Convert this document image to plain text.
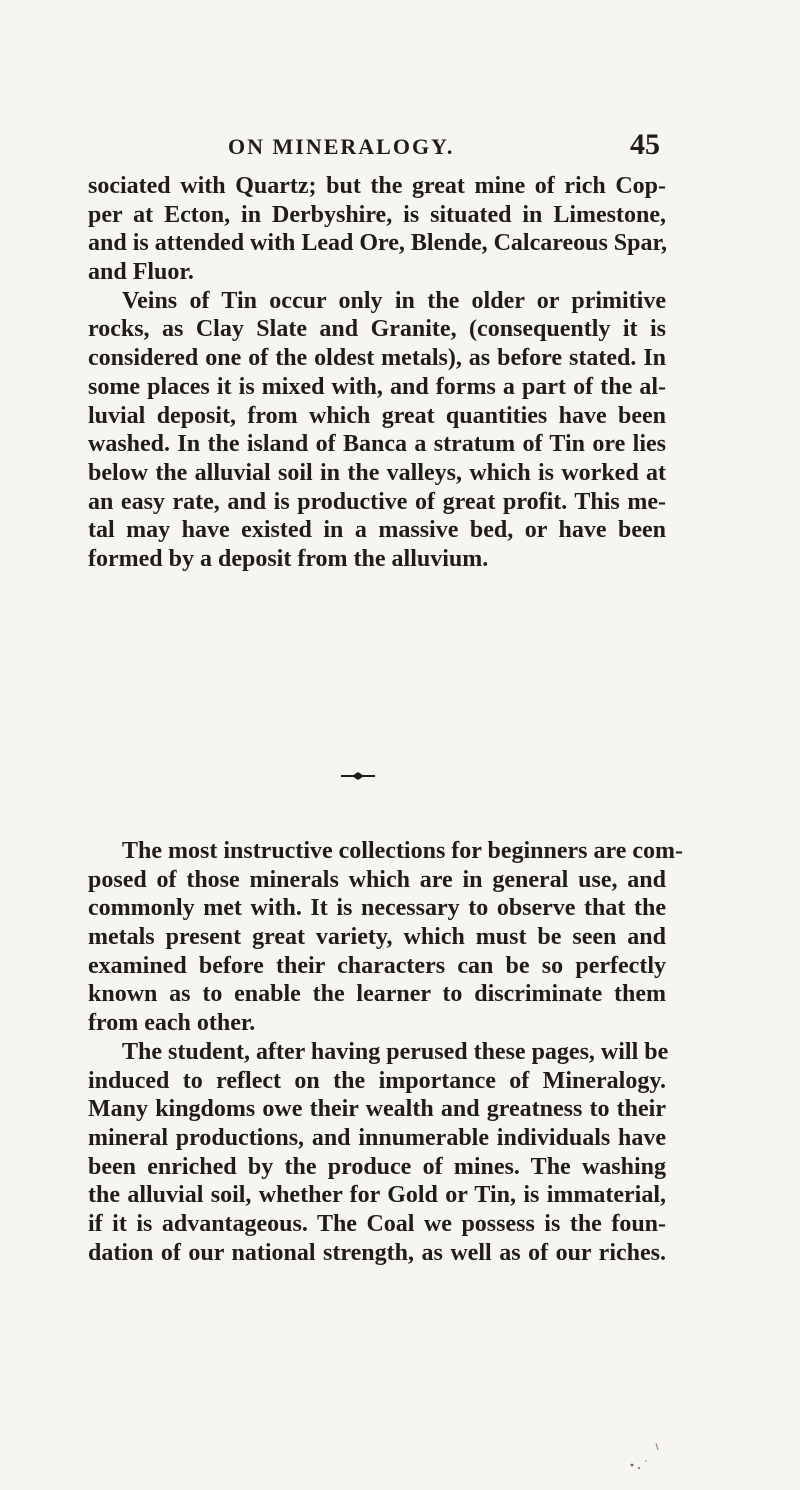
ON MINERALOGY.	45
sociated with Quartz; but the great mine of rich Cop-
per at Ecton, in Derbyshire, is situated in Limestone,
and is attended with Lead Ore, Blende, Calcareous Spar,
and Fluor.
Veins of Tin occur only in the older or primitive
rocks, as Clay Slate and Granite, (consequently it is
considered one of the oldest metals), as before stated. In
some places it is mixed with, and forms a part of the al-
luvial deposit, from which great quantities have been
washed. In the island of Banca a stratum of Tin ore lies
below the alluvial soil in the valleys, which is worked at
an easy rate, and is productive of great profit. This me-
tal may have existed in a massive bed, or have been
formed by a deposit from the alluvium.
The most instructive collections for beginners are com-
posed of those minerals which are in general use, and
commonly met with. It is necessary to observe that the
metals present great variety, which must be seen and
examined before their characters can be so perfectly
known as to enable the learner to discriminate them
from each other.
The student, after having perused these pages, will be
induced to reflect on the importance of Mineralogy.
Many kingdoms owe their wealth and greatness to their
mineral productions, and innumerable individuals have
been enriched by the produce of mines. The washing
the alluvial soil, whether for Gold or Tin, is immaterial,
if it is advantageous. The Coal we possess is the foun-
dation of our national strength, as well as of our riches.
